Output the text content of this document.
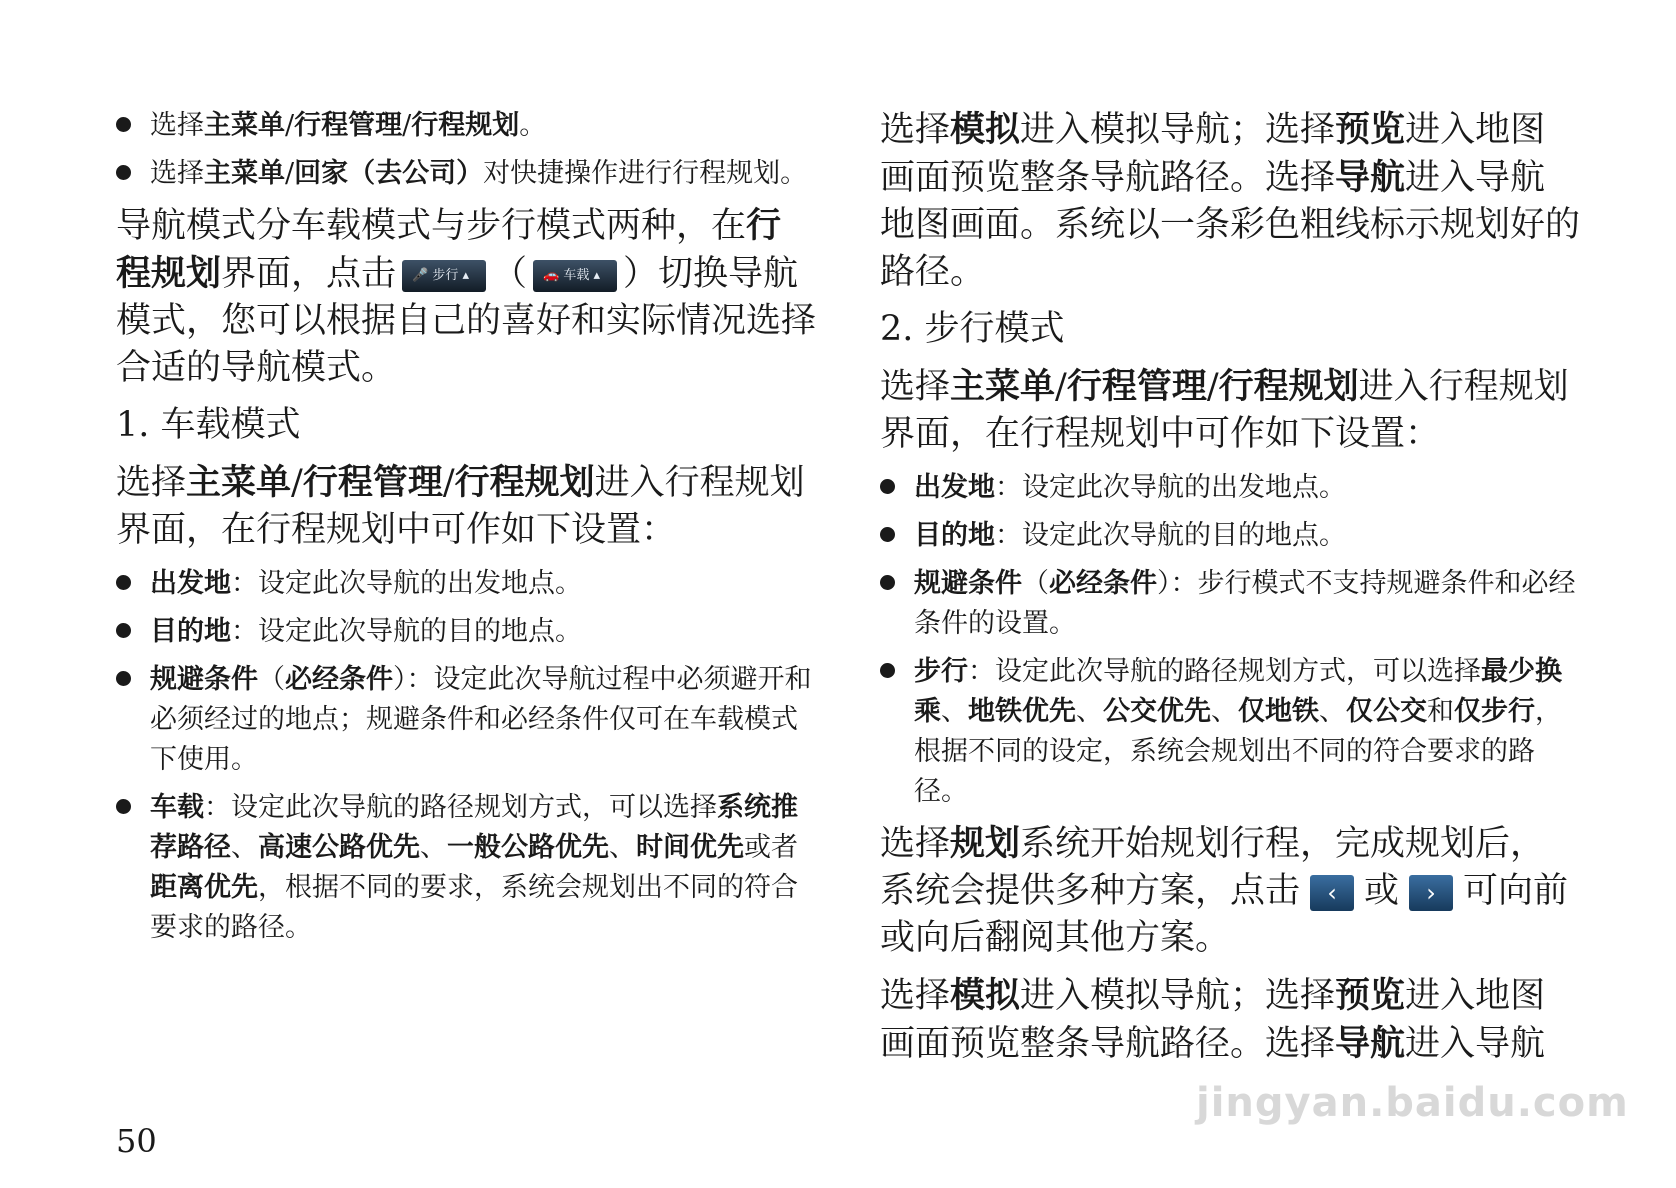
选择主菜单/行程管理/行程规划。
选择主菜单/回家（去公司）对快捷操作进行行程规划。

导航模式分车载模式与步行模式两种，在行程规划界面，点击 🎤 步行 ▴ （ 🚗 车载 ▴ ）切换导航模式，您可以根据自己的喜好和实际情况选择合适的导航模式。

1. 车载模式

选择主菜单/行程管理/行程规划进入行程规划界面，在行程规划中可作如下设置：

出发地：设定此次导航的出发地点。
目的地：设定此次导航的目的地点。
规避条件（必经条件）：设定此次导航过程中必须避开和必须经过的地点；规避条件和必经条件仅可在车载模式下使用。
车载：设定此次导航的路径规划方式，可以选择系统推荐路径、高速公路优先、一般公路优先、时间优先或者距离优先，根据不同的要求，系统会规划出不同的符合要求的路径。

选择模拟进入模拟导航；选择预览进入地图画面预览整条导航路径。选择导航进入导航地图画面。系统以一条彩色粗线标示规划好的路径。

2. 步行模式

选择主菜单/行程管理/行程规划进入行程规划界面，在行程规划中可作如下设置：

出发地：设定此次导航的出发地点。
目的地：设定此次导航的目的地点。
规避条件（必经条件）：步行模式不支持规避条件和必经条件的设置。
步行：设定此次导航的路径规划方式，可以选择最少换乘、地铁优先、公交优先、仅地铁、仅公交和仅步行，根据不同的设定，系统会规划出不同的符合要求的路径。

选择规划系统开始规划行程，完成规划后，系统会提供多种方案，点击 ‹ 或 › 可向前或向后翻阅其他方案。

选择模拟进入模拟导航；选择预览进入地图画面预览整条导航路径。选择导航进入导航

50
jingyan.baidu.com
